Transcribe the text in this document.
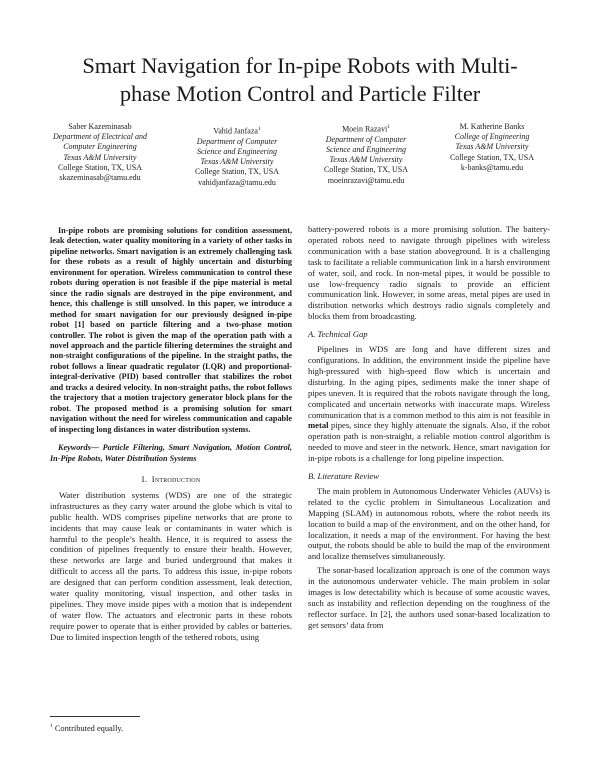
Smart Navigation for In-pipe Robots with Multi-
phase Motion Control and Particle Filter
Saber Kazeminasab
Department of Electrical and
Computer Engineering
Texas A&M University
College Station, TX, USA
skazeminasab@tamu.edu
Vahid Janfaza$^1$
Department of Computer
Science and Engineering
Texas A&M University
College Station, TX, USA
vahidjanfaza@tamu.edu
Moein Razavi$^1$
Department of Computer
Science and Engineering
Texas A&M University
College Station, TX, USA
moeinrazavi@tamu.edu
M. Katherine Banks
College of Engineering
Texas A&M University
College Station, TX, USA
k-banks@tamu.edu

In-pipe robots are promising solutions for condition assessment, leak detection, water quality monitoring in a variety of other tasks in pipeline networks. Smart navigation is an extremely challenging task for these robots as a result of highly uncertain and disturbing environment for operation. Wireless communication to control these robots during operation is not feasible if the pipe material is metal since the radio signals are destroyed in the pipe environment, and hence, this challenge is still unsolved. In this paper, we introduce a method for smart navigation for our previously designed in-pipe robot [1] based on particle filtering and a two-phase motion controller. The robot is given the map of the operation path with a novel approach and the particle filtering determines the straight and non-straight configurations of the pipeline. In the straight paths, the robot follows a linear quadratic regulator (LQR) and proportional-integral-derivative (PID) based controller that stabilizes the robot and tracks a desired velocity. In non-straight paths, the robot follows the trajectory that a motion trajectory generator block plans for the robot. The proposed method is a promising solution for smart navigation without the need for wireless communication and capable of inspecting long distances in water distribution systems.

Keywords— Particle Filtering, Smart Navigation, Motion Control, In-Pipe Robots, Water Distribution Systems

I. Introduction

Water distribution systems (WDS) are one of the strategic infrastructures as they carry water around the globe which is vital to public health. WDS comprises pipeline networks that are prone to incidents that may cause leak or contaminants in water which is harmful to the people’s health. Hence, it is required to assess the condition of pipelines frequently to ensure their health. However, these networks are large and buried underground that makes it difficult to access all the parts. To address this issue, in-pipe robots are designed that can perform condition assessment, leak detection, water quality monitoring, visual inspection, and other tasks in pipelines. They move inside pipes with a motion that is independent of water flow. The actuators and electronic parts in these robots require power to operate that is either provided by cables or batteries. Due to limited inspection length of the tethered robots, using

battery-powered robots is a more promising solution. The battery-operated robots need to navigate through pipelines with wireless communication with a base station aboveground. It is a challenging task to facilitate a reliable communication link in a harsh environment of water, soil, and rock. In non-metal pipes, it would be possible to use low-frequency radio signals to provide an efficient communication link. However, in some areas, metal pipes are used in distribution networks which destroys radio signals completely and blocks them from broadcasting.

A. Technical Gap

Pipelines in WDS are long and have different sizes and configurations. In addition, the environment inside the pipeline have high-pressured with high-speed flow which is uncertain and disturbing. In the aging pipes, sediments make the inner shape of pipes uneven. It is required that the robots navigate through the long, complicated and uncertain networks with inaccurate maps. Wireless communication that is a common method to this aim is not feasible in metal pipes, since they highly attenuate the signals. Also, if the robot operation path is non-straight, a reliable motion control algorithm is needed to move and steer in the network. Hence, smart navigation for in-pipe robots is a challenge for long pipeline inspection.

B. Literature Review

The main problem in Autonomous Underwater Vehicles (AUVs) is related to the cyclic problem in Simultaneous Localization and Mapping (SLAM) in autonomous robots, where the robot needs its location to build a map of the environment, and on the other hand, for localization, it needs a map of the environment. For having the best output, the robots should be able to build the map of the environment and localize themselves simultaneously.

The sonar-based localization approach is one of the common ways in the autonomous underwater vehicle. The main problem in solar images is low detectability which is because of some acoustic waves, such as instability and reflection depending on the roughness of the reflector surface. In [2], the authors used sonar-based localization to get sensors’ data from

$^1$ Contributed equally.
